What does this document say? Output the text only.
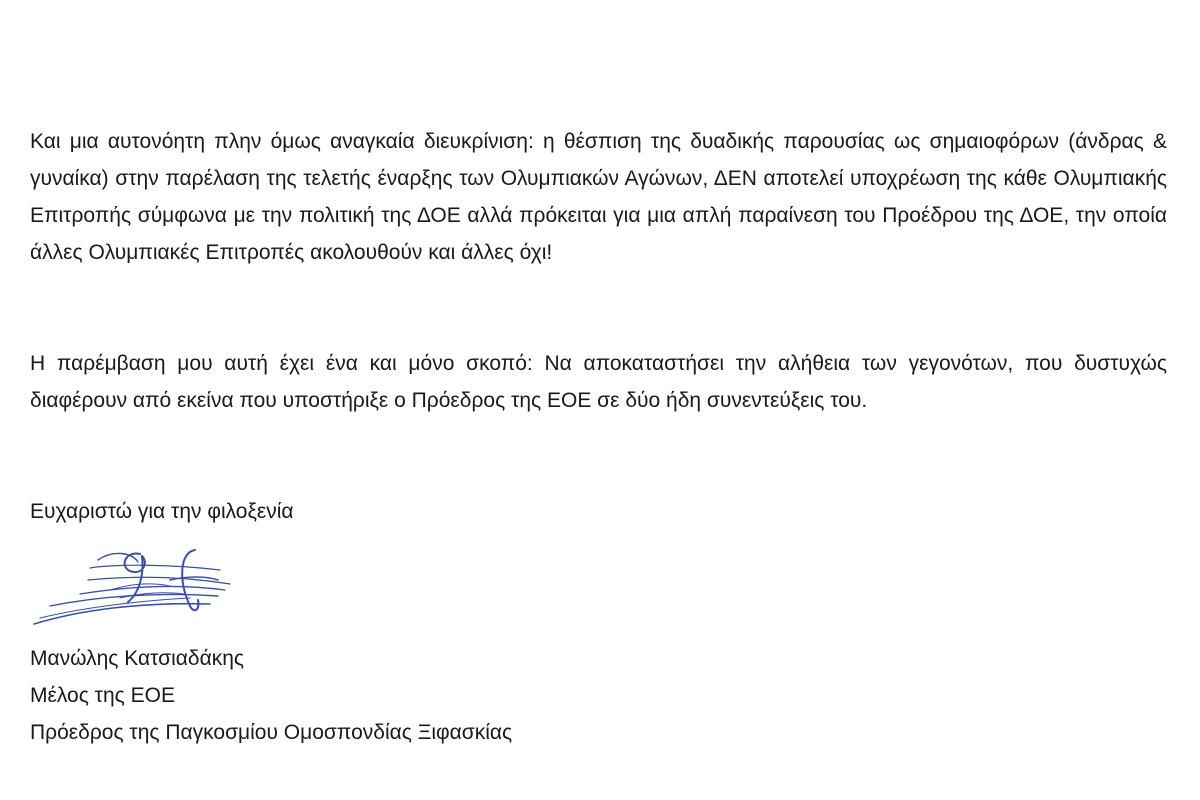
Και μια αυτονόητη πλην όμως αναγκαία διευκρίνιση: η θέσπιση της δυαδικής παρουσίας ως σημαιοφόρων (άνδρας & γυναίκα) στην παρέλαση της τελετής έναρξης των Ολυμπιακών Αγώνων, ΔΕΝ αποτελεί υποχρέωση της κάθε Ολυμπιακής Επιτροπής σύμφωνα με την πολιτική της ΔΟΕ αλλά πρόκειται για μια απλή παραίνεση του Προέδρου της ΔΟΕ, την οποία άλλες Ολυμπιακές Επιτροπές ακολουθούν και άλλες όχι!

Η παρέμβαση μου αυτή έχει ένα και μόνο σκοπό: Να αποκαταστήσει την αλήθεια των γεγονότων, που δυστυχώς διαφέρουν από εκείνα που υποστήριξε ο Πρόεδρος της ΕΟΕ σε δύο ήδη συνεντεύξεις του.

Ευχαριστώ για την φιλοξενία

Μανώλης Κατσιαδάκης
Μέλος της ΕΟΕ
Πρόεδρος της Παγκοσμίου Ομοσπονδίας Ξιφασκίας
